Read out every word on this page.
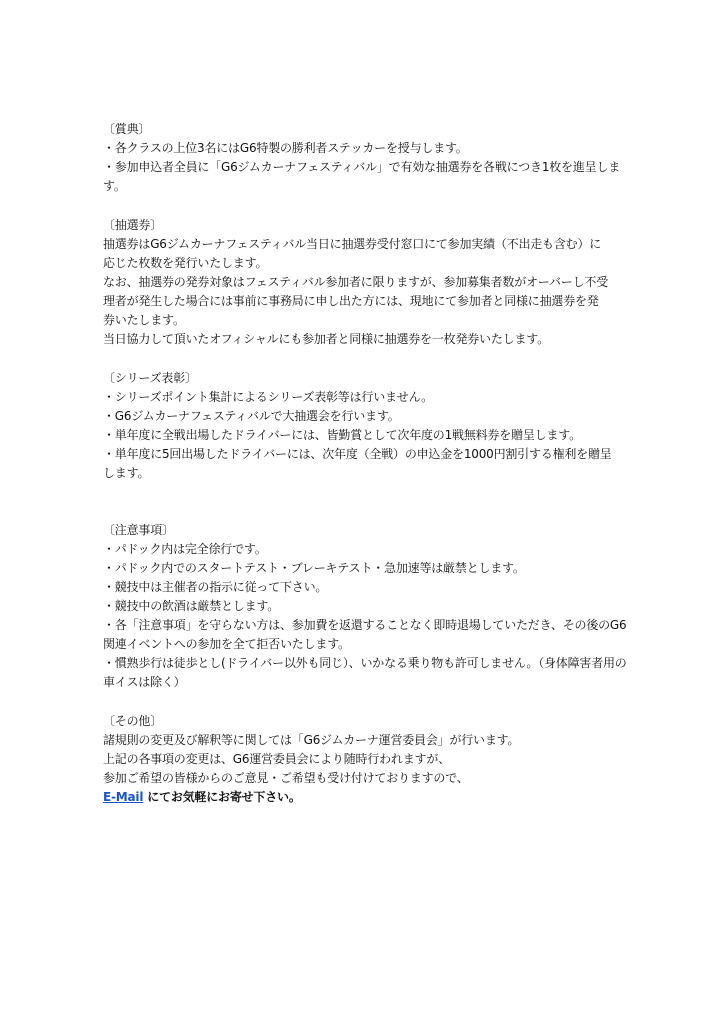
〔賞典〕
・各クラスの上位3名にはG6特製の勝利者ステッカーを授与します。
・参加申込者全員に「G6ジムカーナフェスティバル」で有効な抽選券を各戦につき1枚を進呈しま
す。
〔抽選券〕
抽選券はG6ジムカーナフェスティバル当日に抽選券受付窓口にて参加実績（不出走も含む）に
応じた枚数を発行いたします。
なお、抽選券の発券対象はフェスティバル参加者に限りますが、参加募集者数がオーバーし不受
理者が発生した場合には事前に事務局に申し出た方には、現地にて参加者と同様に抽選券を発
券いたします。
当日協力して頂いたオフィシャルにも参加者と同様に抽選券を一枚発券いたします。
〔シリーズ表彰〕
・シリーズポイント集計によるシリーズ表彰等は行いません。
・G6ジムカーナフェスティバルで大抽選会を行います。
・単年度に全戦出場したドライバーには、皆勤賞として次年度の1戦無料券を贈呈します。
・単年度に5回出場したドライバーには、次年度（全戦）の申込金を1000円割引する権利を贈呈
します。
〔注意事項〕
・パドック内は完全徐行です。
・パドック内でのスタートテスト・ブレーキテスト・急加速等は厳禁とします。
・競技中は主催者の指示に従って下さい。
・競技中の飲酒は厳禁とします。
・各「注意事項」を守らない方は、参加費を返還することなく即時退場していただき、その後のG6
関連イベントへの参加を全て拒否いたします。
・慣熟歩行は徒歩とし(ドライバー以外も同じ）、いかなる乗り物も許可しません。（身体障害者用の
車イスは除く）
〔その他〕
諸規則の変更及び解釈等に関しては「G6ジムカーナ運営委員会」が行います。
上記の各事項の変更は、G6運営委員会により随時行われますが、
参加ご希望の皆様からのご意見・ご希望も受け付けておりますので、
E-Mail にてお気軽にお寄せ下さい。
